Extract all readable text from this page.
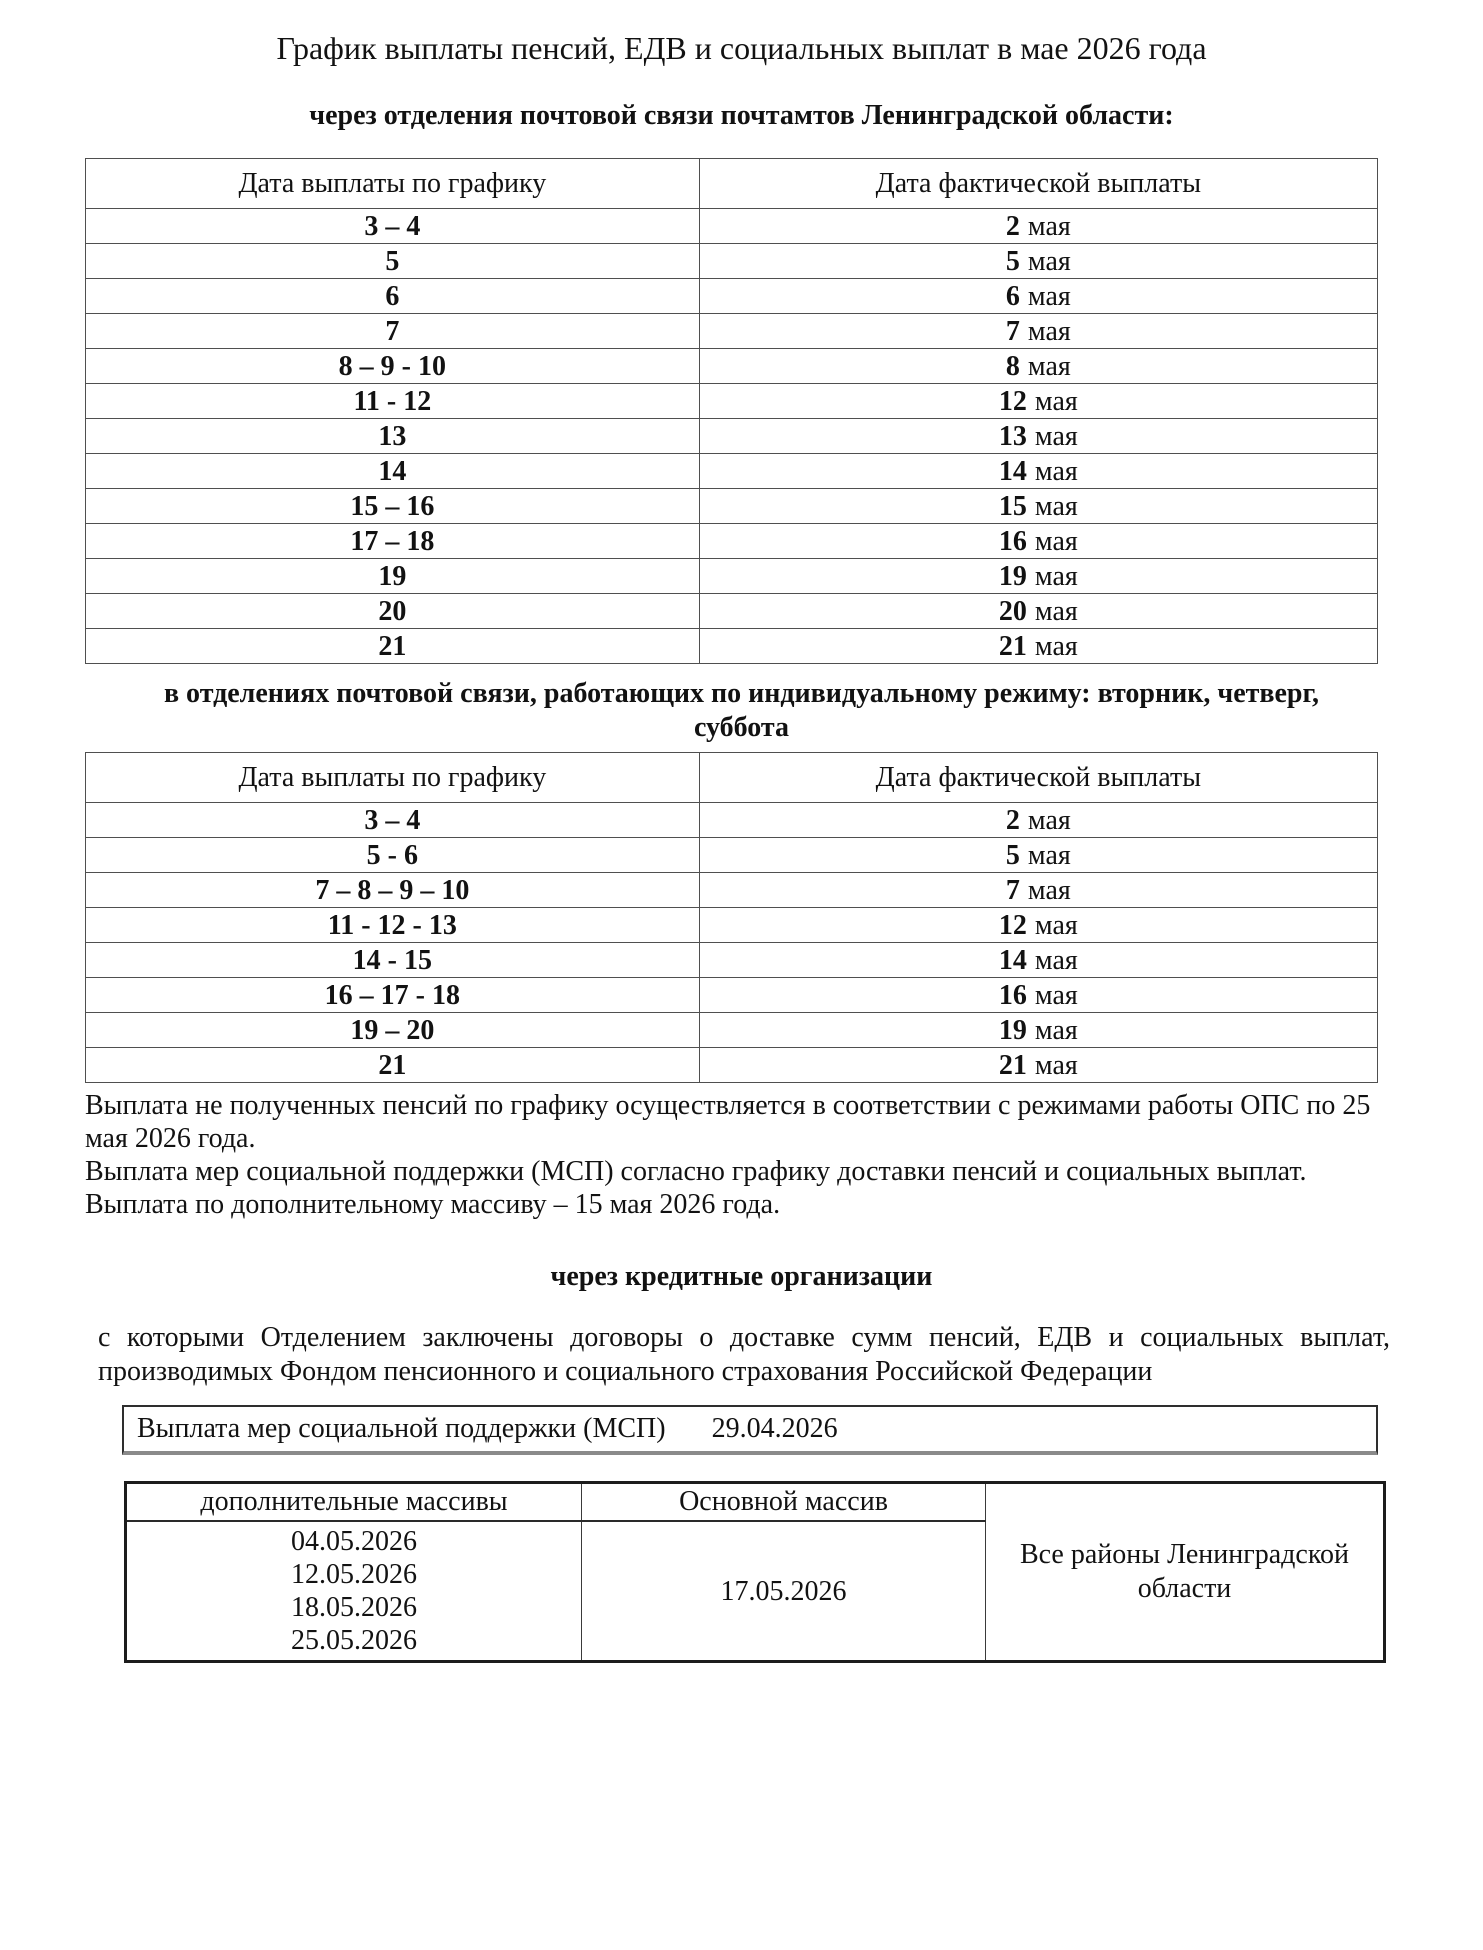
График выплаты пенсий, ЕДВ и социальных выплат в мае 2026 года
через отделения почтовой связи почтамтов Ленинградской области:
Дата выплаты по графику	Дата фактической выплаты
3 – 4	2 мая
5	5 мая
6	6 мая
7	7 мая
8 – 9 - 10	8 мая
11 - 12	12 мая
13	13 мая
14	14 мая
15 – 16	15 мая
17 – 18	16 мая
19	19 мая
20	20 мая
21	21 мая
в отделениях почтовой связи, работающих по индивидуальному режиму: вторник, четверг,
суббота
Дата выплаты по графику	Дата фактической выплаты
3 – 4	2 мая
5 - 6	5 мая
7 – 8 – 9 – 10	7 мая
11 - 12 - 13	12 мая
14 - 15	14 мая
16 – 17 - 18	16 мая
19 – 20	19 мая
21	21 мая

Выплата не полученных пенсий по графику осуществляется в соответствии с режимами работы ОПС по 25 мая 2026 года.

Выплата мер социальной поддержки (МСП) согласно графику доставки пенсий и социальных выплат.

Выплата по дополнительному массиву – 15 мая 2026 года.

через кредитные организации
с которыми Отделением заключены договоры о доставке сумм пенсий, ЕДВ и социальных выплат, производимых Фондом пенсионного и социального страхования Российской Федерации
Выплата мер социальной поддержки (МСП) 29.04.2026
дополнительные массивы	Основной массив	Все районы Ленинградской области

04.05.2026
12.05.2026
18.05.2026
25.05.2026	17.05.2026	
